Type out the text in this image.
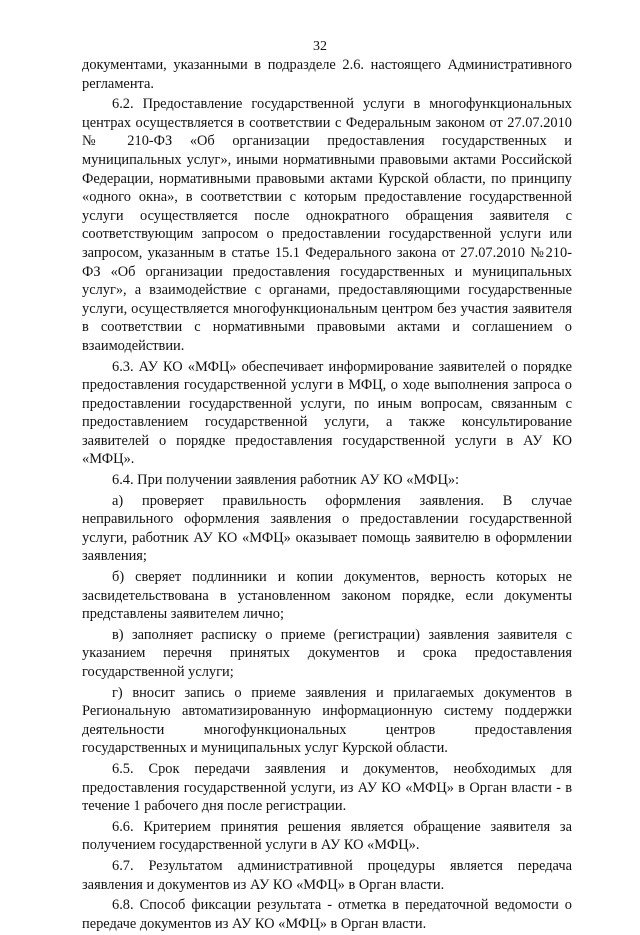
32

документами, указанными в подразделе 2.6. настоящего Административного регламента.

6.2. Предоставление государственной услуги в многофункциональных центрах осуществляется в соответствии с Федеральным законом от 27.07.2010 № 210-ФЗ «Об организации предоставления государственных и муниципальных услуг», иными нормативными правовыми актами Российской Федерации, нормативными правовыми актами Курской области, по принципу «одного окна», в соответствии с которым предоставление государственной услуги осуществляется после однократного обращения заявителя с соответствующим запросом о предоставлении государственной услуги или запросом, указанным в статье 15.1 Федерального закона от 27.07.2010 №210-ФЗ «Об организации предоставления государственных и муниципальных услуг», а взаимодействие с органами, предоставляющими государственные услуги, осуществляется многофункциональным центром без участия заявителя в соответствии с нормативными правовыми актами и соглашением о взаимодействии.

6.3. АУ КО «МФЦ» обеспечивает информирование заявителей о порядке предоставления государственной услуги в МФЦ, о ходе выполнения запроса о предоставлении государственной услуги, по иным вопросам, связанным с предоставлением государственной услуги, а также консультирование заявителей о порядке предоставления государственной услуги в АУ КО «МФЦ».

6.4. При получении заявления работник АУ КО «МФЦ»:

а) проверяет правильность оформления заявления. В случае неправильного оформления заявления о предоставлении государственной услуги, работник АУ КО «МФЦ» оказывает помощь заявителю в оформлении заявления;

б) сверяет подлинники и копии документов, верность которых не засвидетельствована в установленном законом порядке, если документы представлены заявителем лично;

в) заполняет расписку о приеме (регистрации) заявления заявителя с указанием перечня принятых документов и срока предоставления государственной услуги;

г) вносит запись о приеме заявления и прилагаемых документов в Региональную автоматизированную информационную систему поддержки деятельности многофункциональных центров предоставления государственных и муниципальных услуг Курской области.

6.5. Срок передачи заявления и документов, необходимых для предоставления государственной услуги, из АУ КО «МФЦ» в Орган власти - в течение 1 рабочего дня после регистрации.

6.6. Критерием принятия решения является обращение заявителя за получением государственной услуги в АУ КО «МФЦ».

6.7. Результатом административной процедуры является передача заявления и документов из АУ КО «МФЦ» в Орган власти.

6.8. Способ фиксации результата - отметка в передаточной ведомости о передаче документов из АУ КО «МФЦ» в Орган власти.
